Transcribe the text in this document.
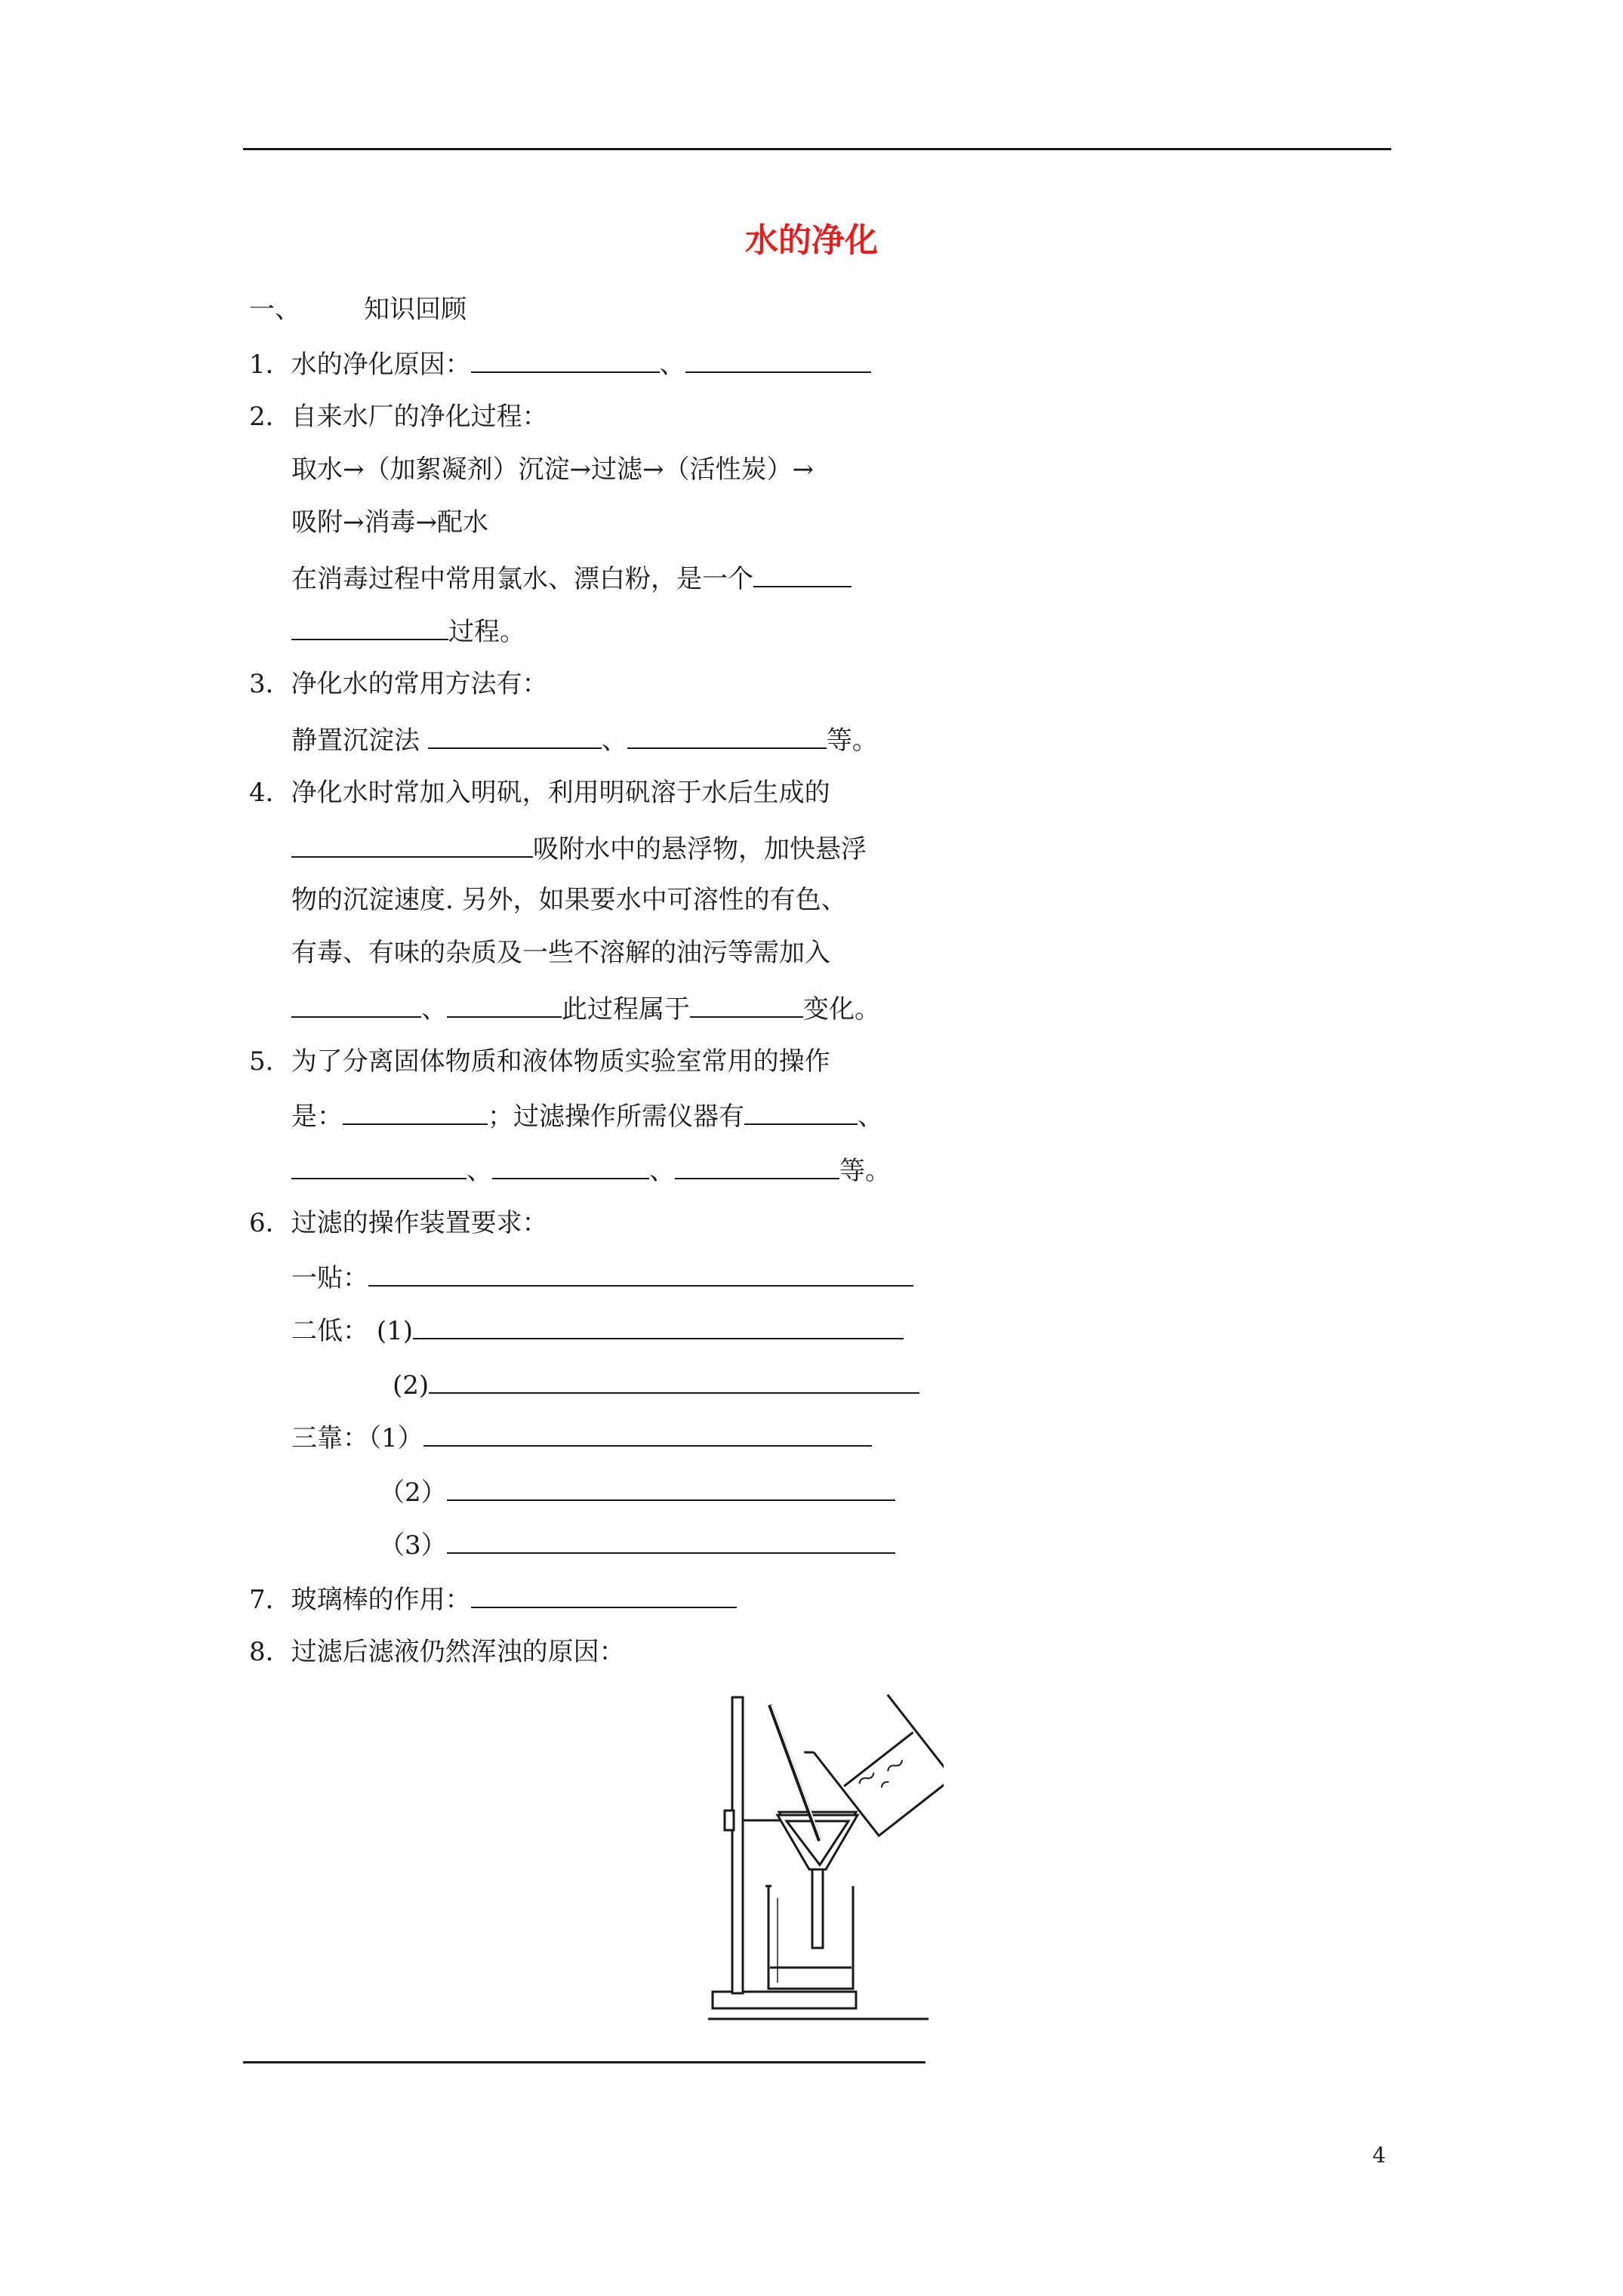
水的净化
一、 知识回顾
1．水的净化原因：	、
2．自来水厂的净化过程：
取水→（加絮凝剂）沉淀→过滤→（活性炭）→
吸附→消毒→配水
在消毒过程中常用氯水、漂白粉，是一个
过程。
3．净化水的常用方法有：
静置沉淀法	、	等。
4．净化水时常加入明矾，利用明矾溶于水后生成的
吸附水中的悬浮物，加快悬浮
物的沉淀速度. 另外，如果要水中可溶性的有色、
有毒、有味的杂质及一些不溶解的油污等需加入
、	此过程属于	变化。
5．为了分离固体物质和液体物质实验室常用的操作
是：	；过滤操作所需仪器有	、
、	、	等。
6．过滤的操作装置要求：
一贴：
二低： (1)
(2)
三靠：（1）
（2）
（3）
7．玻璃棒的作用：
8．过滤后滤液仍然浑浊的原因：
4
